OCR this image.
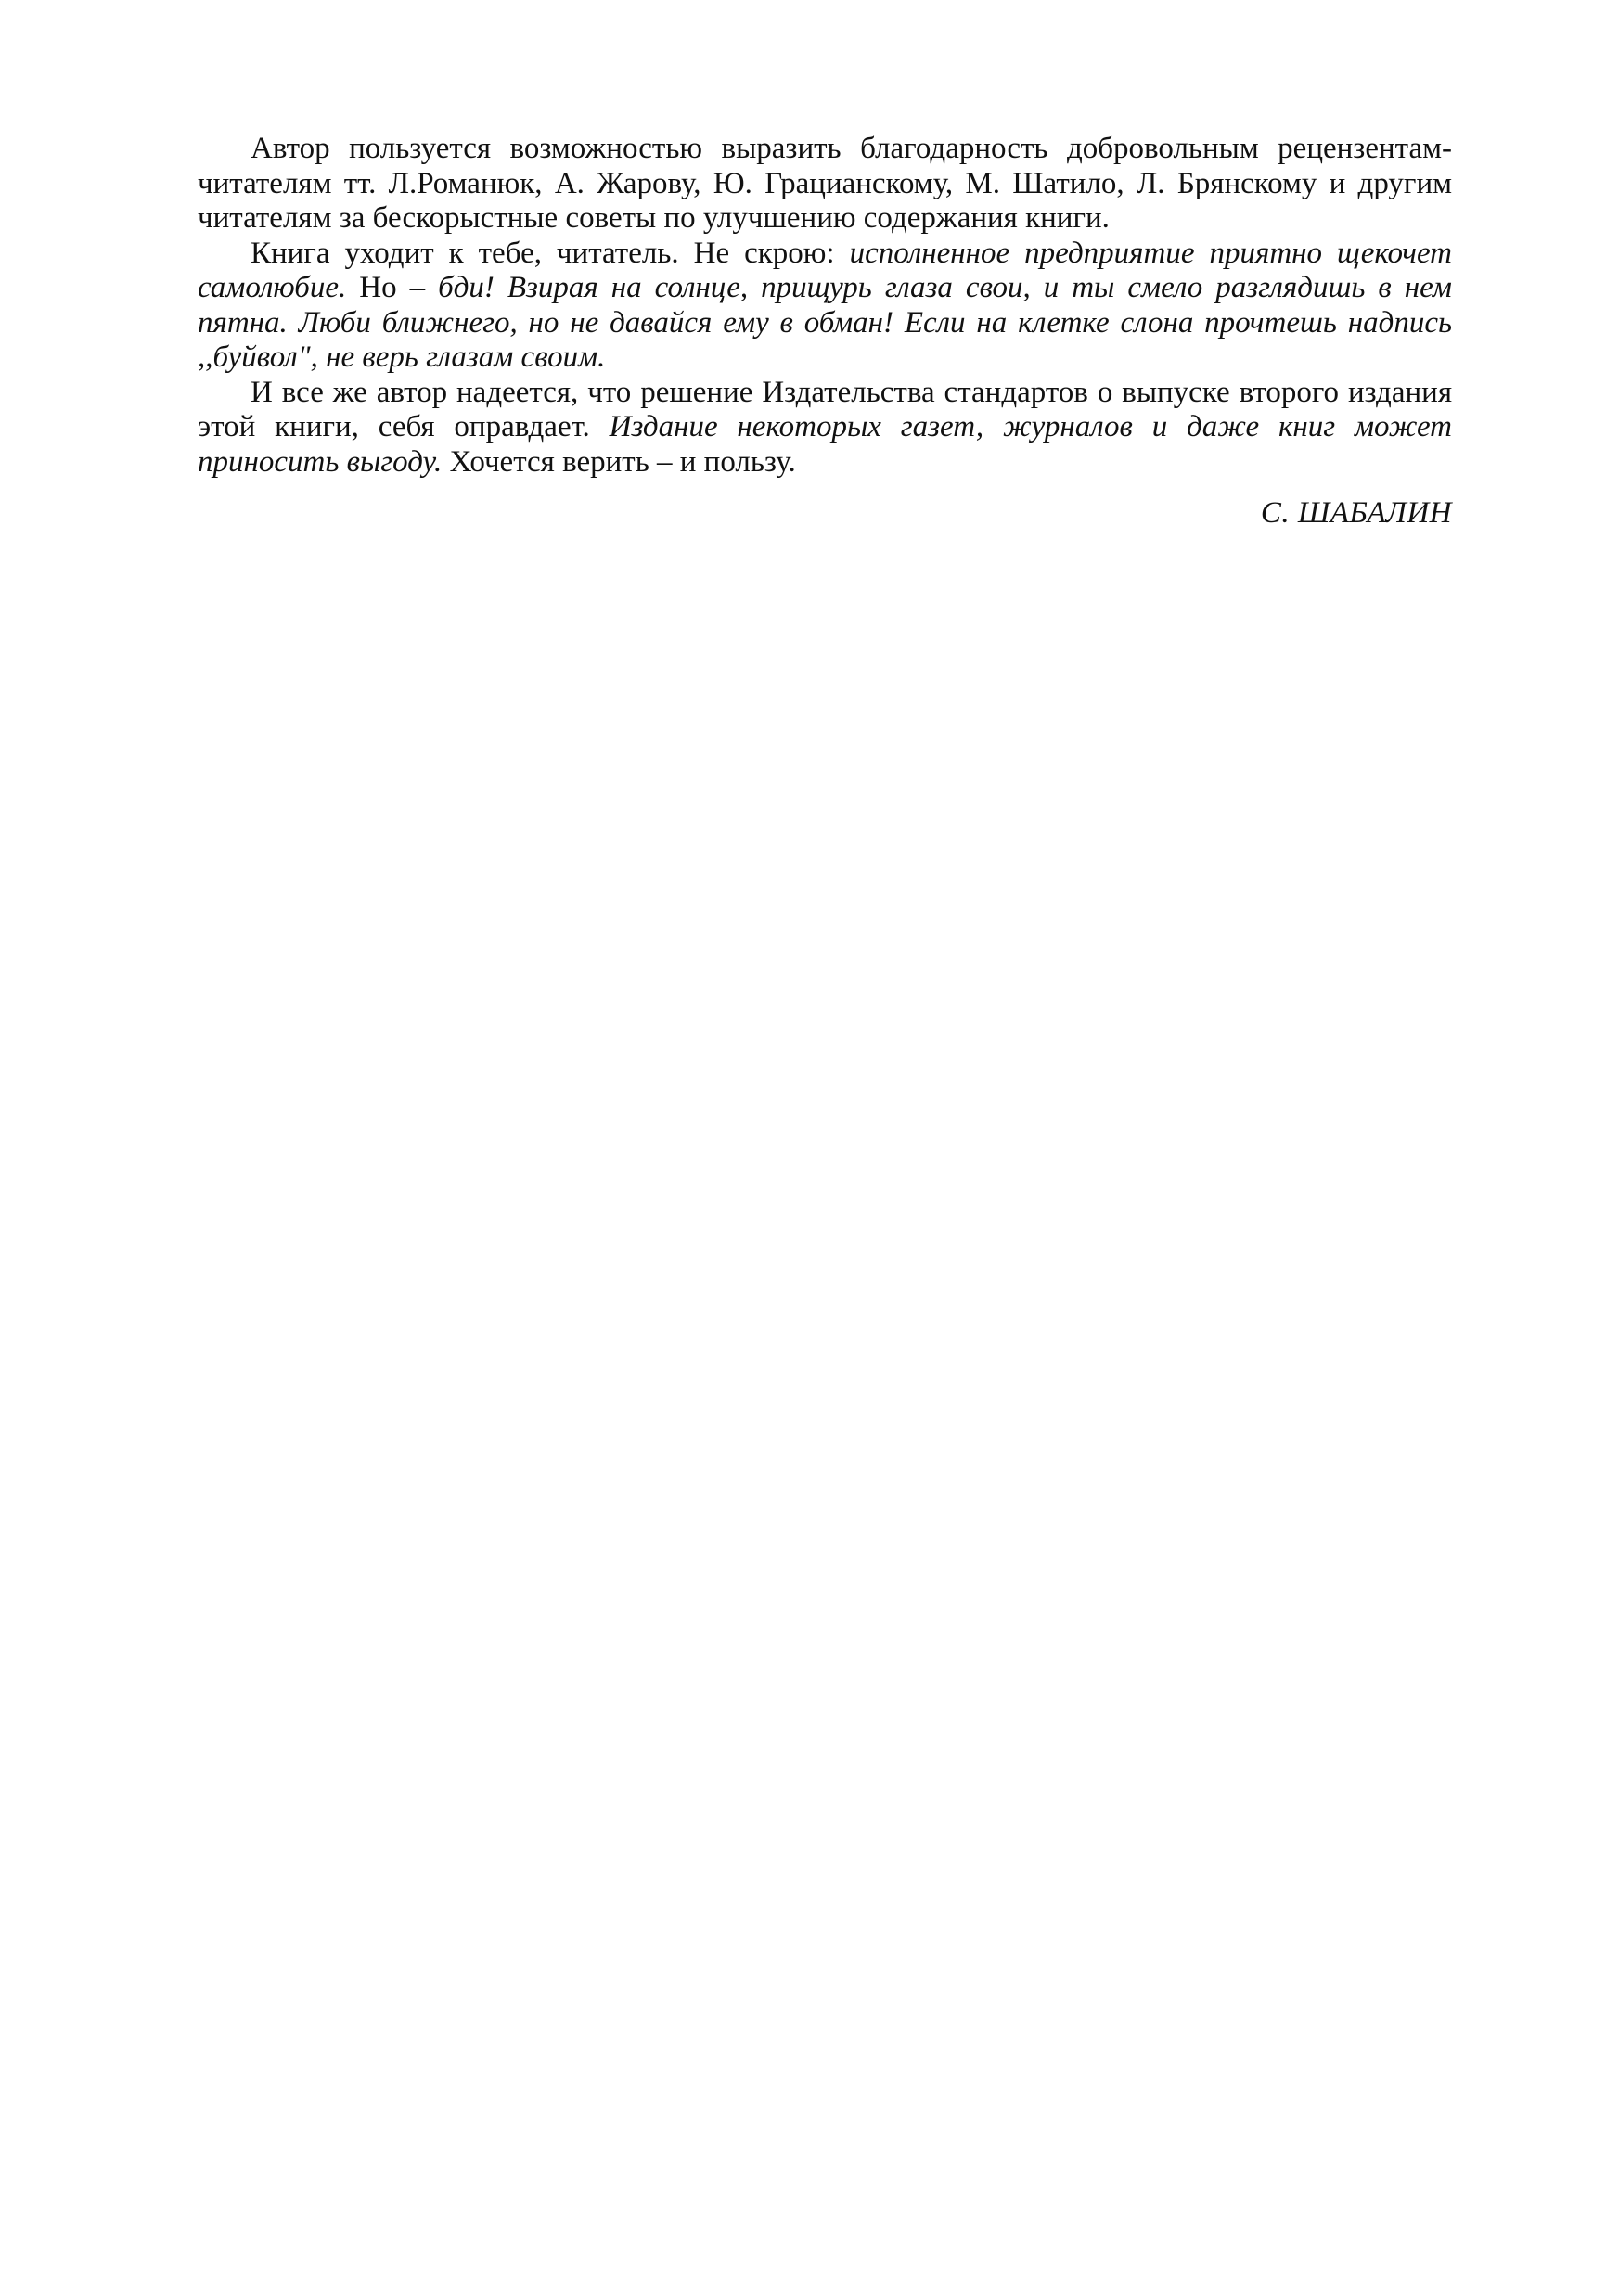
Автор пользуется возможностью выразить благодарность добровольным рецензентам-читателям тт. Л.Романюк, А. Жарову, Ю. Грацианскому, М. Шатило, Л. Брянскому и другим читателям за бескорыстные советы по улучшению содержания книги.

Книга уходит к тебе, читатель. Не скрою: исполненное предприятие приятно щекочет самолюбие. Но – бди! Взирая на солнце, прищурь глаза свои, и ты смело разглядишь в нем пятна. Люби ближнего, но не давайся ему в обман! Если на клетке слона прочтешь надпись ,,буйвол", не верь глазам своим.

И все же автор надеется, что решение Издательства стандартов о выпуске второго издания этой книги, себя оправдает. Издание некоторых газет, журналов и даже книг может приносить выгоду. Хочется верить – и пользу.

С. ШАБАЛИН
